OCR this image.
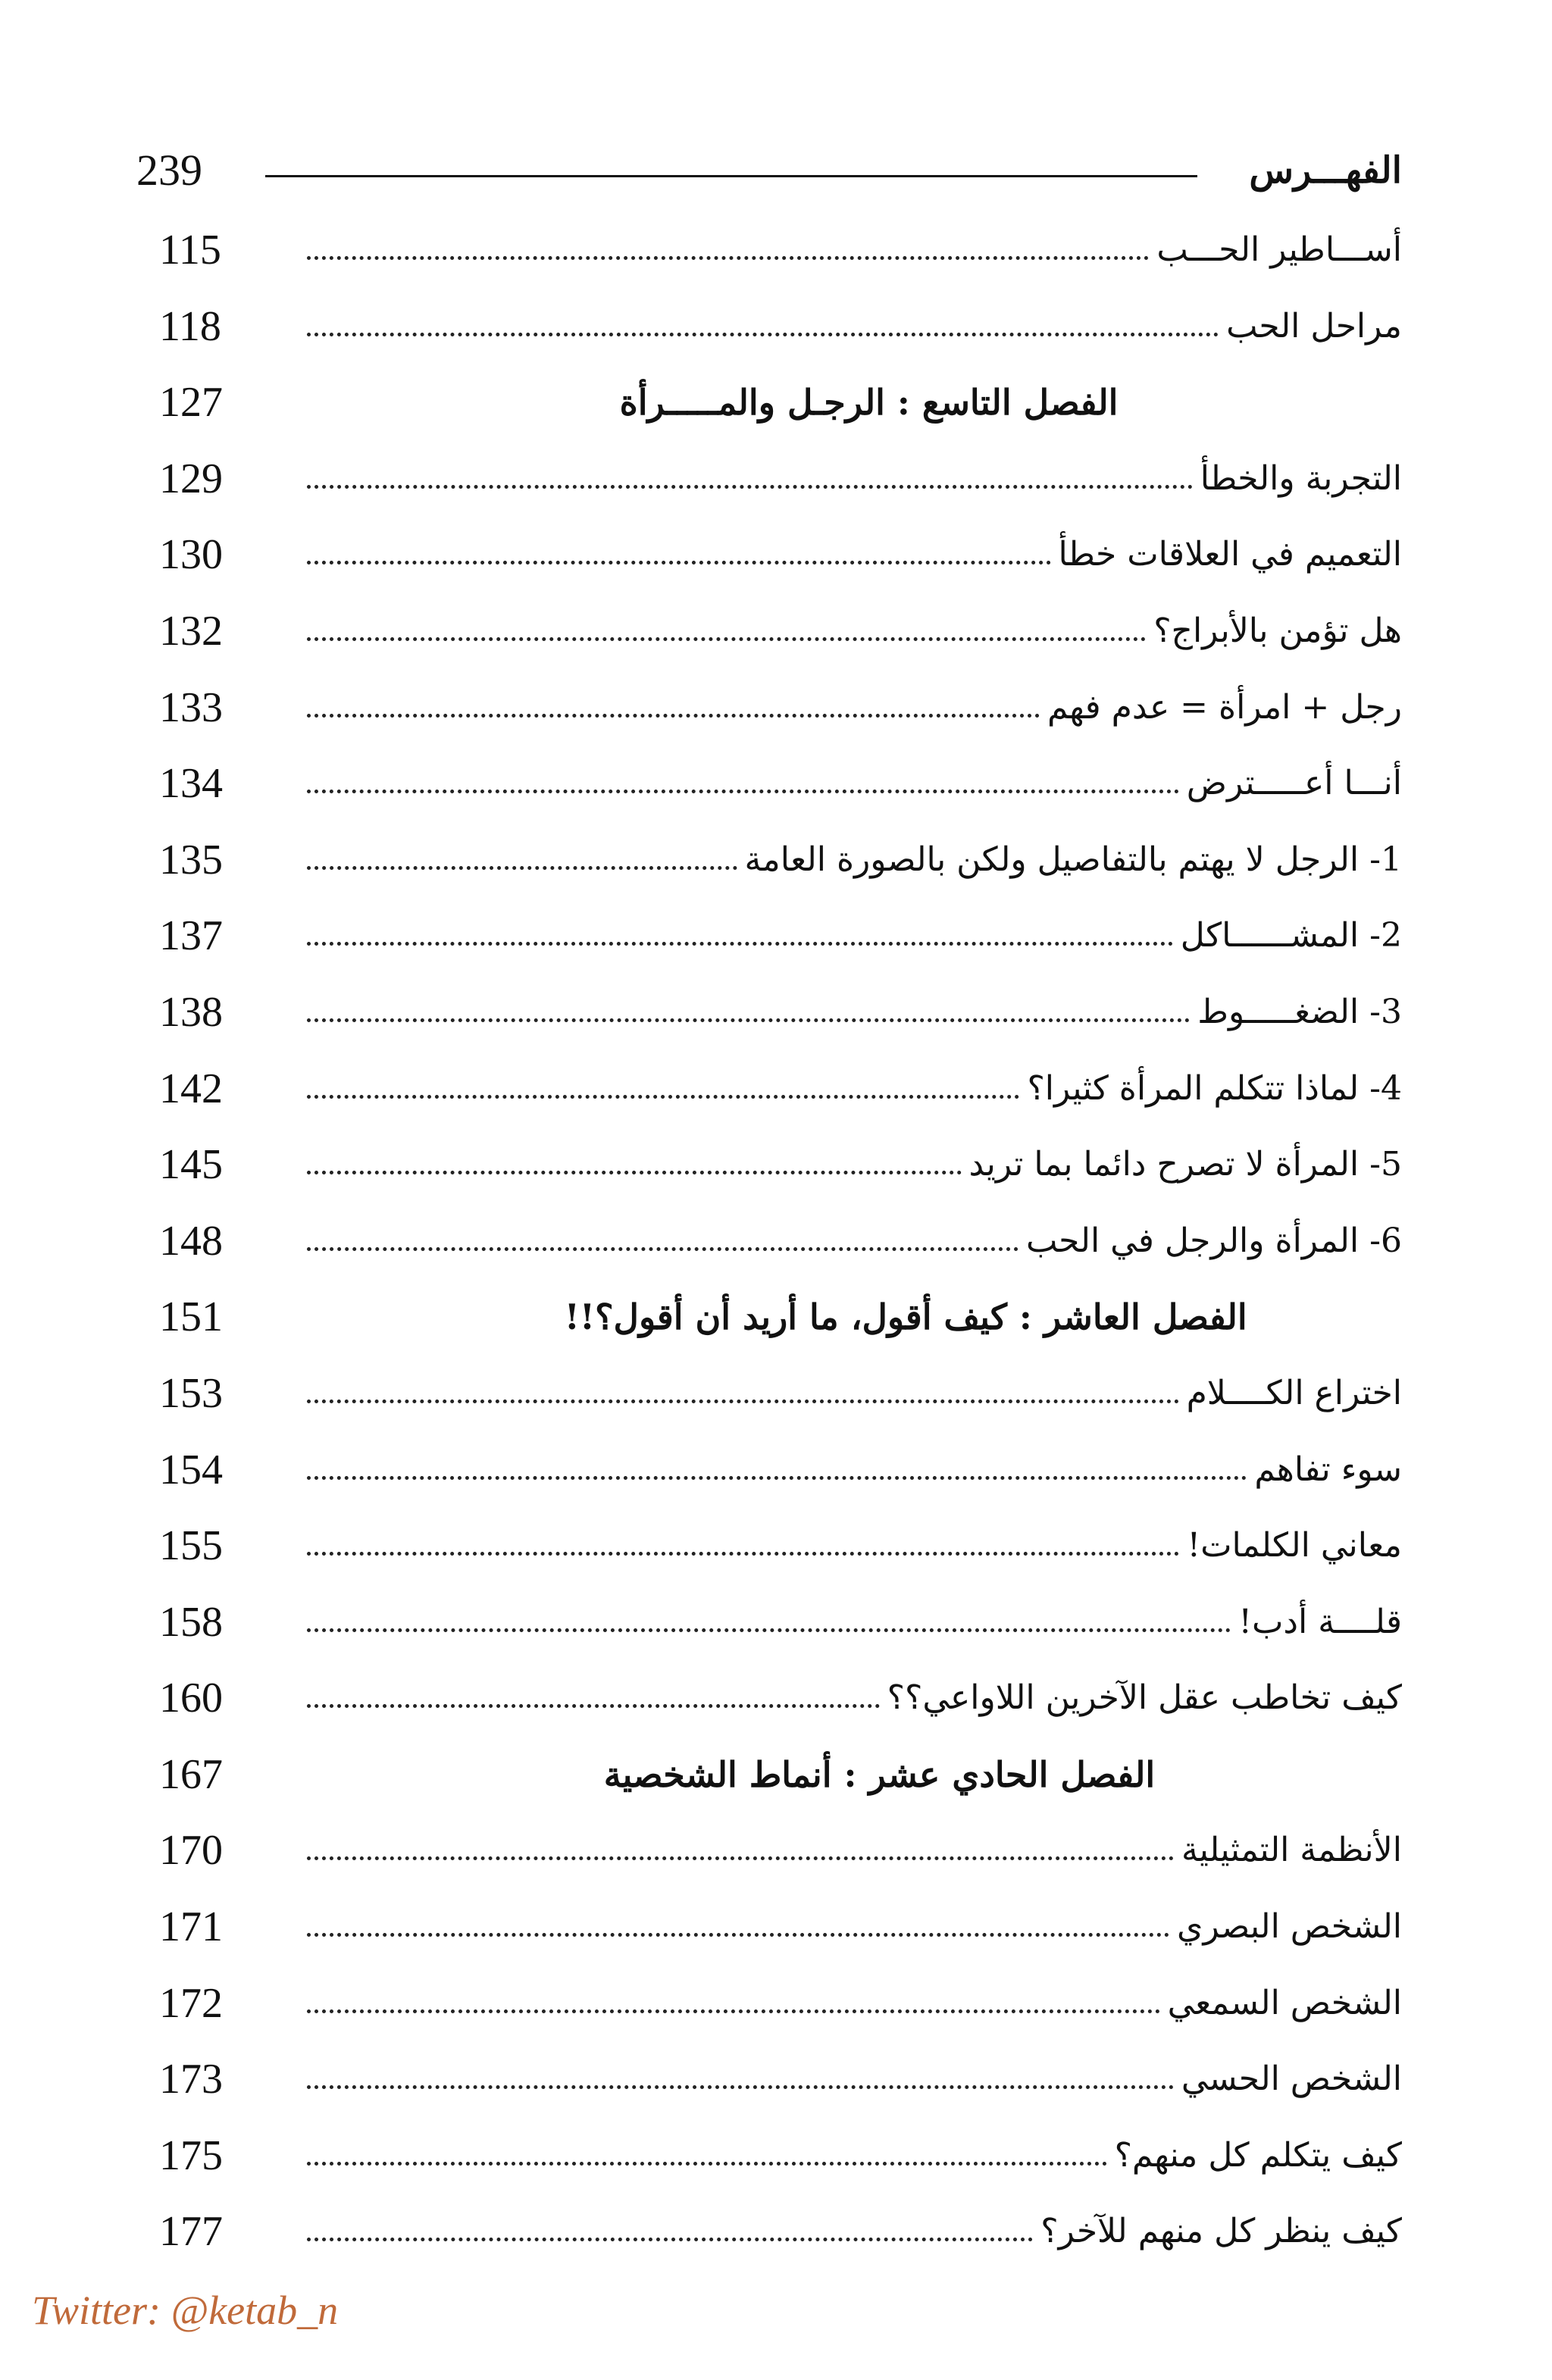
239	الفهـــرس
115	أســـاطير الحـــب
118	مراحل الحب
127	الفصل التاسع : الرجـل والمـــــرأة
129	التجربة والخطأ
130	التعميم في العلاقات خطأ
132	هل تؤمن بالأبراج؟
133	رجل + امرأة = عدم فهم
134	أنـــا أعـــــترض
135	1- الرجل لا يهتم بالتفاصيل ولكن بالصورة العامة
137	2- المشــــــاكل
138	3- الضغـــــوط
142	4- لماذا تتكلم المرأة كثيرا؟
145	5- المرأة لا تصرح دائما بما تريد
148	6- المرأة والرجل في الحب
151	الفصل العاشر : كيف أقول، ما أريد أن أقول؟!!
153	اختراع الكــــلام
154	سوء تفاهم
155	معاني الكلمات!
158	قلــــة أدب!
160	كيف تخاطب عقل الآخرين اللاواعي؟؟
167	الفصل الحادي عشر : أنماط الشخصية
170	الأنظمة التمثيلية
171	الشخص البصري
172	الشخص السمعي
173	الشخص الحسي
175	كيف يتكلم كل منهم؟
177	كيف ينظر كل منهم للآخر؟
Twitter: @ketab_n
